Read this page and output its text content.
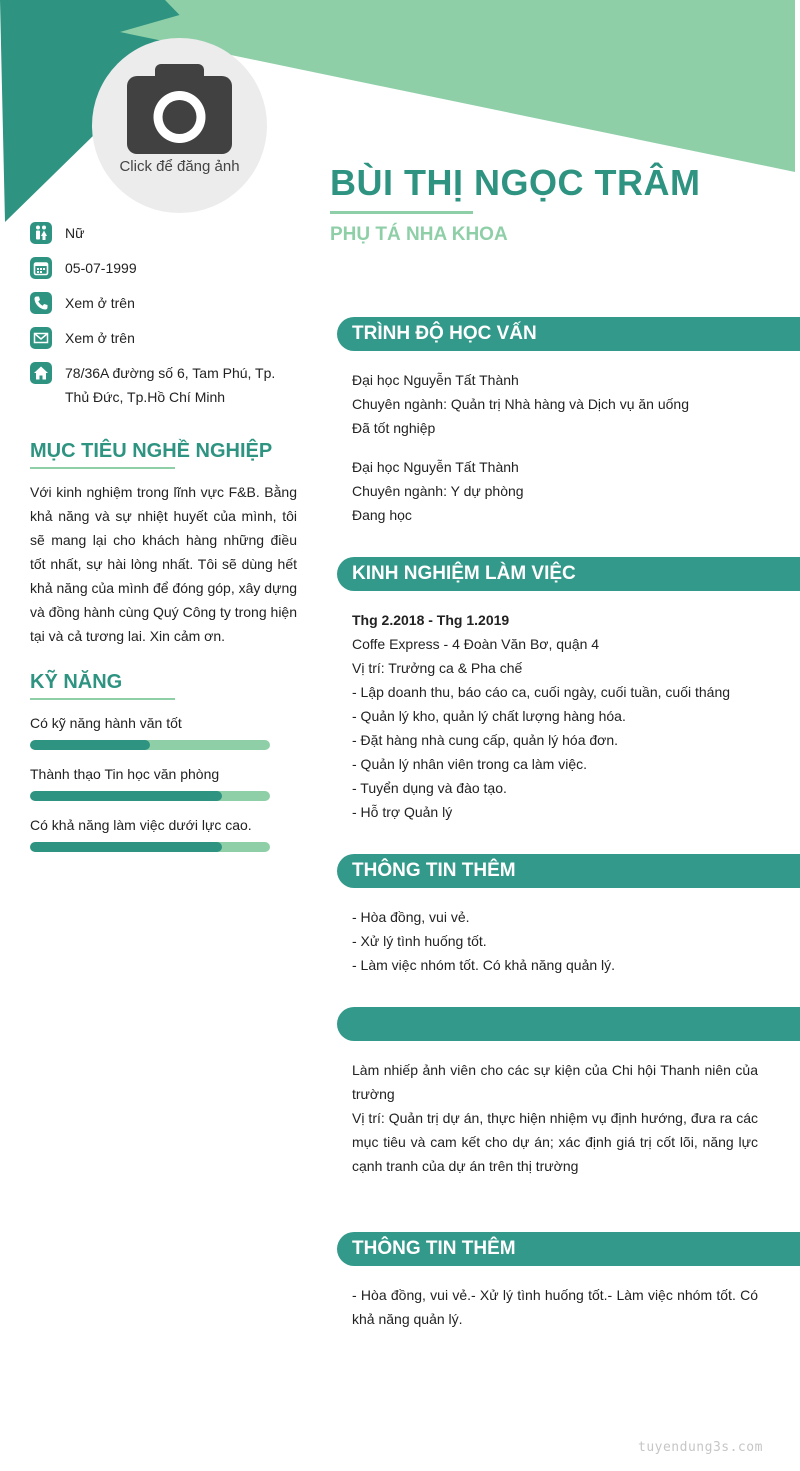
Click để đăng ảnh	BÙI THỊ NGỌC TRÂM
PHỤ TÁ NHA KHOA
Nữ
05-07-1999
Xem ở trên
Xem ở trên
78/36A đường số 6, Tam Phú, Tp. Thủ Đức, Tp.Hồ Chí Minh
MỤC TIÊU NGHỀ NGHIỆP
Với kinh nghiệm trong lĩnh vực F&B. Bằng khả năng và sự nhiệt huyết của mình, tôi sẽ mang lại cho khách hàng những điều tốt nhất, sự hài lòng nhất. Tôi sẽ dùng hết khả năng của mình để đóng góp, xây dựng và đồng hành cùng Quý Công ty trong hiện tại và cả tương lai. Xin cảm ơn.
KỸ NĂNG
Có kỹ năng hành văn tốt
Thành thạo Tin học văn phòng
Có khả năng làm việc dưới lực cao.
TRÌNH ĐỘ HỌC VẤN
Đại học Nguyễn Tất Thành
Chuyên ngành: Quản trị Nhà hàng và Dịch vụ ăn uống
Đã tốt nghiệp
Đại học Nguyễn Tất Thành
Chuyên ngành: Y dự phòng
Đang học
KINH NGHIỆM LÀM VIỆC
Thg 2.2018 - Thg 1.2019
Coffe Express - 4 Đoàn Văn Bơ, quận 4
Vị trí: Trưởng ca & Pha chế
- Lập doanh thu, báo cáo ca, cuối ngày, cuối tuần, cuối tháng
- Quản lý kho, quản lý chất lượng hàng hóa.
- Đặt hàng nhà cung cấp, quản lý hóa đơn.
- Quản lý nhân viên trong ca làm việc.
- Tuyển dụng và đào tạo.
- Hỗ trợ Quản lý
THÔNG TIN THÊM
- Hòa đồng, vui vẻ.
- Xử lý tình huống tốt.
- Làm việc nhóm tốt. Có khả năng quản lý.
Làm nhiếp ảnh viên cho các sự kiện của Chi hội Thanh niên của trường
Vị trí: Quản trị dự án, thực hiện nhiệm vụ định hướng, đưa ra các mục tiêu và cam kết cho dự án; xác định giá trị cốt lõi, năng lực cạnh tranh của dự án trên thị trường
THÔNG TIN THÊM
- Hòa đồng, vui vẻ.- Xử lý tình huống tốt.- Làm việc nhóm tốt. Có khả năng quản lý.
tuyendung3s.com
